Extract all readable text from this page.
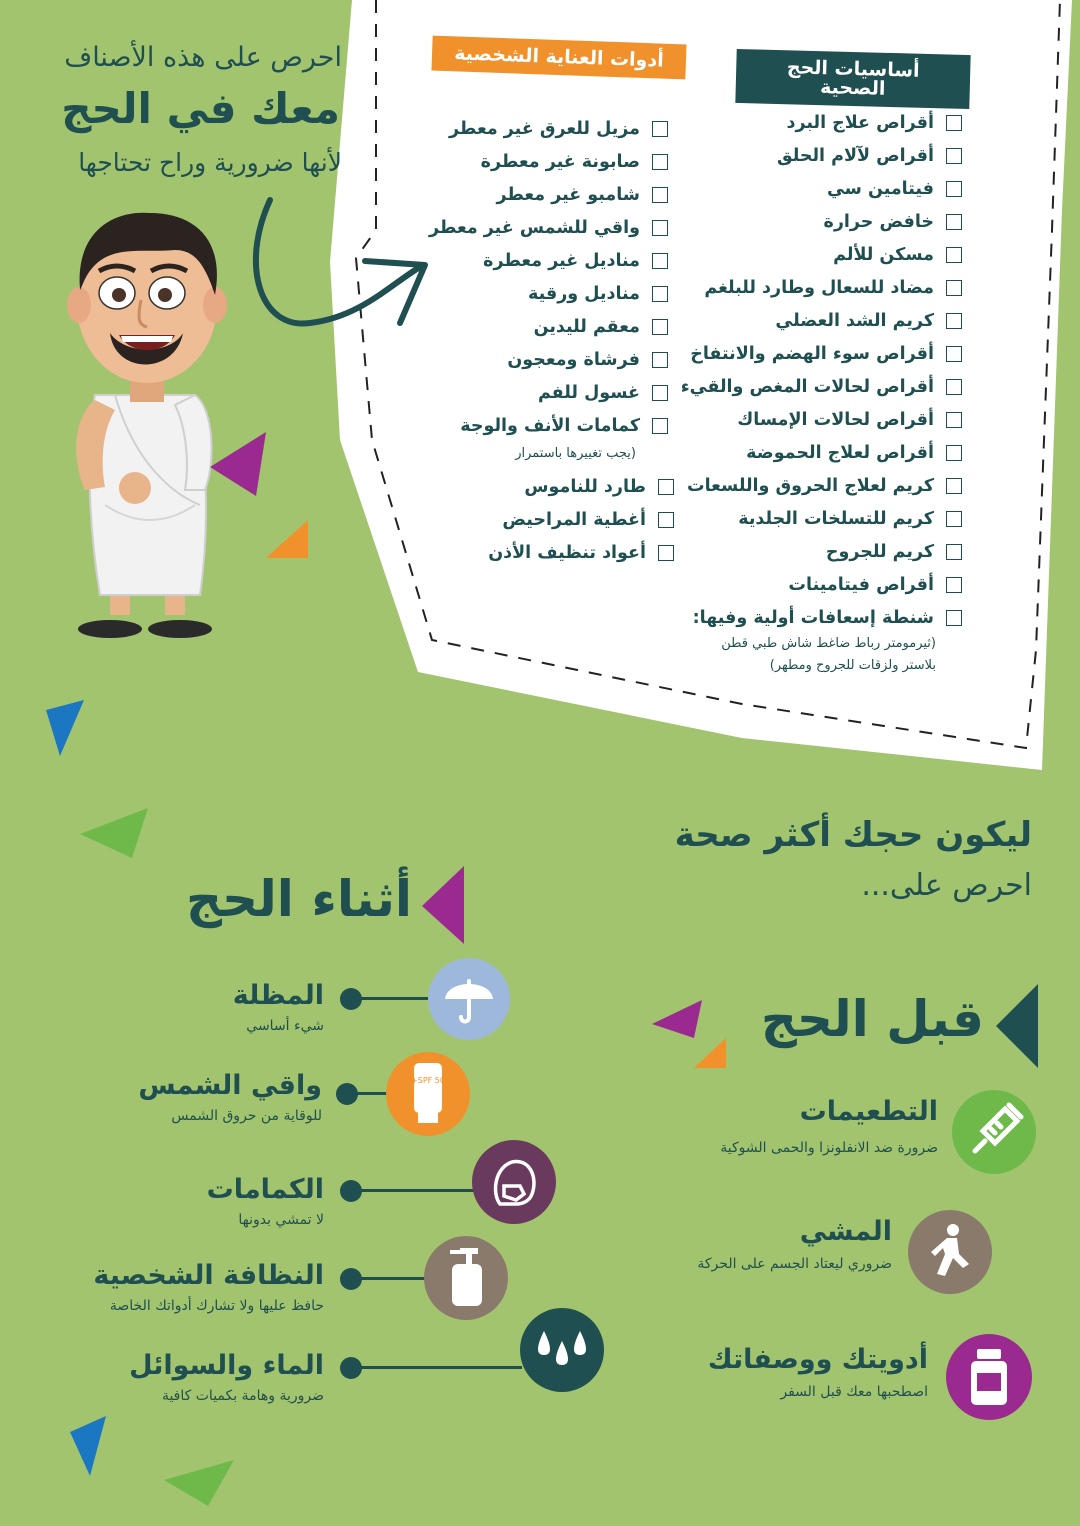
أساسيات الحج الصحية
أقراص علاج البرد
أقراص لآلام الحلق
فيتامين سي
خافض حرارة
مسكن للألم
مضاد للسعال وطارد للبلغم
كريم الشد العضلي
أقراص سوء الهضم والانتفاخ
أقراص لحالات المغص والقيء
أقراص لحالات الإمساك
أقراص لعلاج الحموضة
كريم لعلاج الحروق واللسعات
كريم للتسلخات الجلدية
كريم للجروح
أقراص فيتامينات
شنطة إسعافات أولية وفيها:
(ثيرمومتر رباط ضاغط شاش طبي قطن
بلاستر ولزقات للجروح ومطهر)
أدوات العناية الشخصية
مزيل للعرق غير معطر
صابونة غير معطرة
شامبو غير معطر
واقي للشمس غير معطر
مناديل غير معطرة
مناديل ورقية
معقم لليدين
فرشاة ومعجون
غسول للفم
كمامات الأنف والوجة
(يجب تغييرها باستمرار
طارد للناموس
أغطية المراحيض
أعواد تنظيف الأذن
احرص على هذه الأصناف
معك في الحج
لأنها ضرورية وراح تحتاجها
ليكون حجك أكثر صحة
احرص على...
أثناء الحج
قبل الحج
التطعيمات
ضرورة ضد الانفلونزا والحمى الشوكية
المشي
ضروري ليعتاد الجسم على الحركة
أدويتك ووصفاتك
اصطحبها معك قبل السفر
المظلة
شيء أساسي
SPF 50+
واقي الشمس
للوقاية من حروق الشمس
الكمامات
لا تمشي بدونها
النظافة الشخصية
حافظ عليها ولا تشارك أدواتك الخاصة
الماء والسوائل
ضرورية وهامة بكميات كافية
